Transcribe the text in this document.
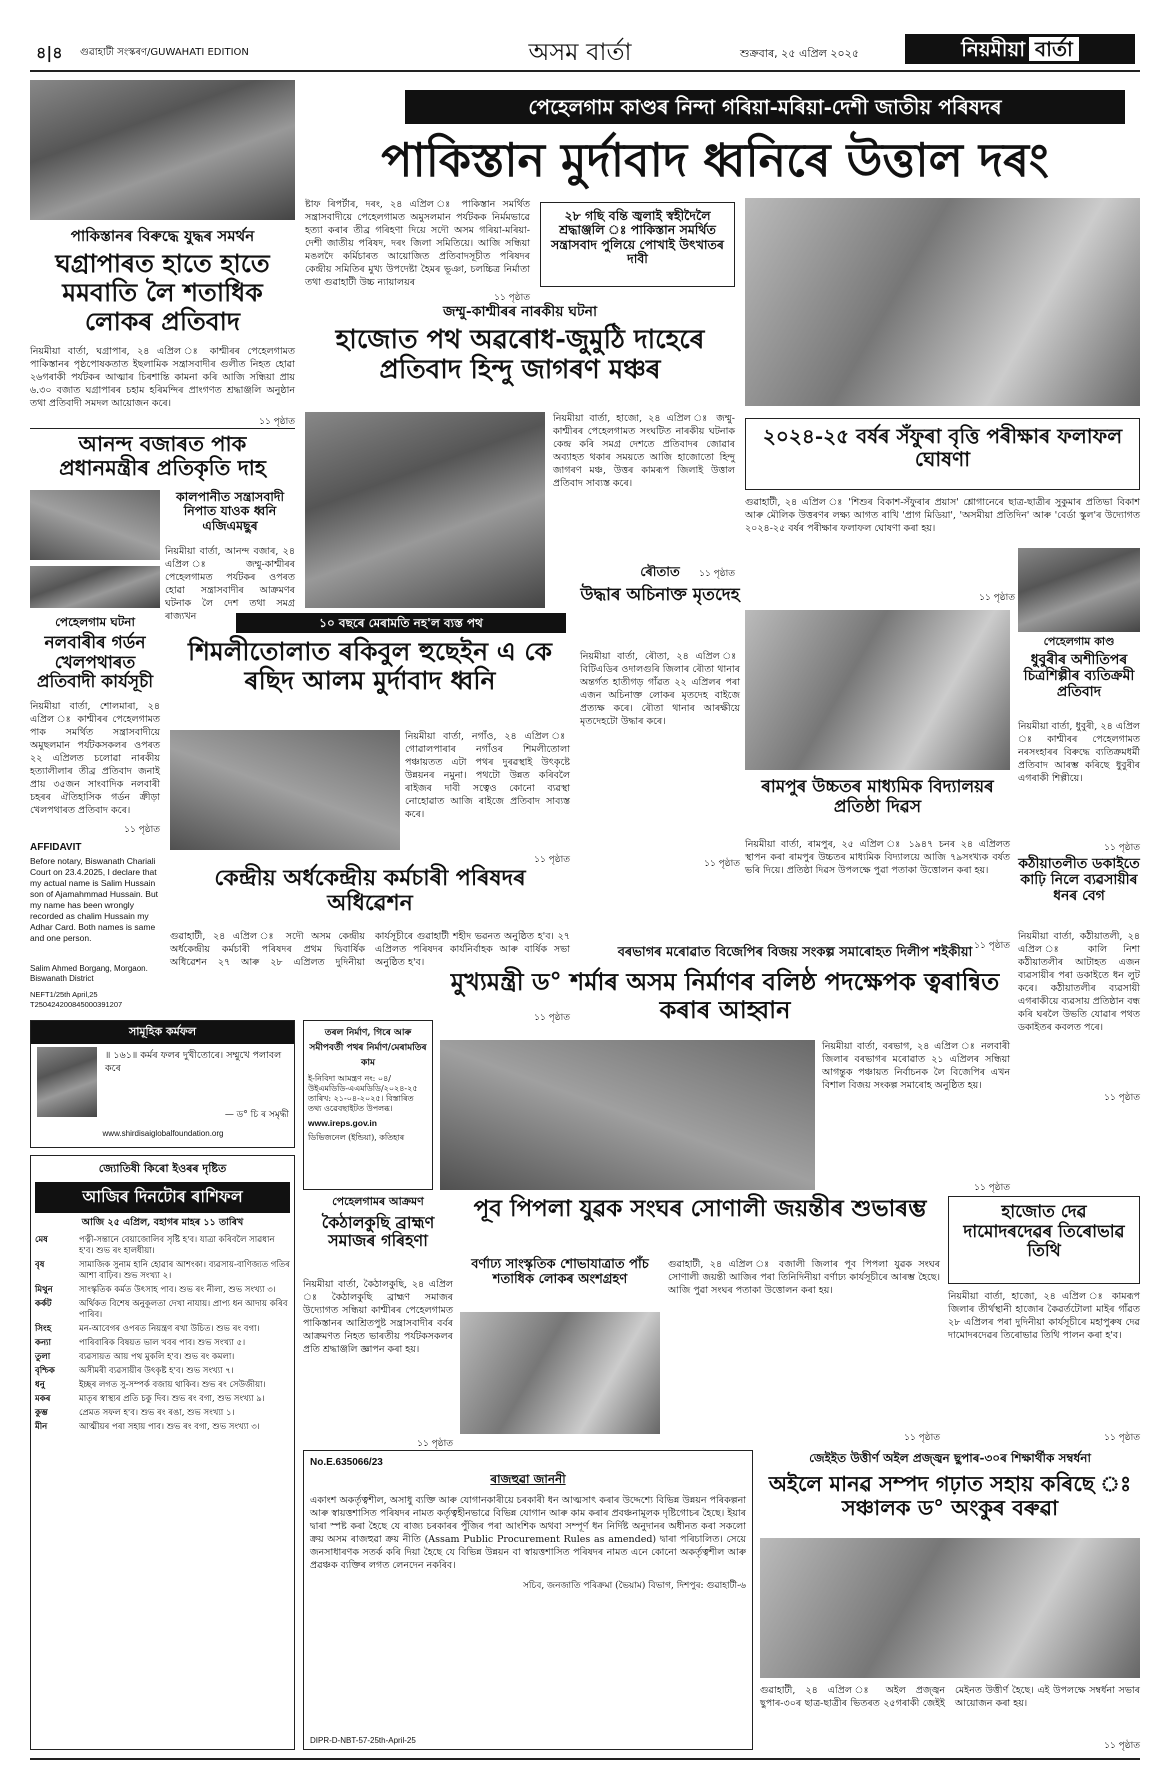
৪|৪ গুৱাহাটী সংস্কৰণ/GUWAHATI EDITION	অসম বাৰ্তা	শুক্ৰবাৰ, ২৫ এপ্ৰিল ২০২৫	নিয়মীয়া বাৰ্তা
পেহেলগাম কাণ্ডৰ নিন্দা গৰিয়া-মৰিয়া-দেশী জাতীয় পৰিষদৰ
পাকিস্তান মুৰ্দাবাদ ধ্বনিৰে উত্তাল দৰং
ষ্টাফ ৰিপৰ্টাৰ, দৰং, ২৪ এপ্ৰিল ঃ পাকিস্তান সমৰ্থিত সন্ত্ৰাসবাদীয়ে পেহেলগামত অমুসলমান পৰ্যটকক নিৰ্মমভাৱে হত্যা কৰাৰ তীব্ৰ গৰিহণা দিয়ে সদৌ অসম গৰিয়া-মৰিয়া-দেশী জাতীয় পৰিষদ, দৰং জিলা সমিতিয়ে। আজি সন্ধিয়া মঙলদৈ কৰ্মিচাৰত আয়োজিত প্ৰতিবাদসূচীত পৰিষদৰ কেন্দ্ৰীয় সমিতিৰ মুখ্য উপদেষ্টা হৈমৰ ভূঞা, চলচ্চিত্ৰ নিৰ্মাতা তথা গুৱাহাটী উচ্চ ন্যায়ালয়ৰ
১১ পৃষ্ঠাত
২৮ গছি বন্তি জ্বলাই স্বহীদৈলৈ শ্ৰদ্ধাঞ্জলি ঃ পাকিস্তান সমৰ্থিত সন্ত্ৰাসবাদ পুলিয়ে পোখাই উৎখাতৰ দাবী
পাকিস্তানৰ বিৰুদ্ধে যুদ্ধৰ সমৰ্থন
ঘগ্ৰাপাৰত হাতে হাতে মমবাতি লৈ শতাধিক লোকৰ প্ৰতিবাদ
নিয়মীয়া বাৰ্তা, ঘগ্ৰাপাৰ, ২৪ এপ্ৰিল ঃ কাশ্মীৰৰ পেহেলগামত পাকিস্তানৰ পৃষ্ঠপোষকতাত ইছলামিক সন্ত্ৰাসবাদীৰ গুলীত নিহত হোৱা ২৬গৰাকী পৰ্যটকৰ আত্মাৰ চিৰশান্তি কামনা কৰি আজি সন্ধিয়া প্ৰায় ৬.৩০ বজাত ঘগ্ৰাপাৰৰ চহাম হৰিমন্দিৰ প্ৰাংগণত শ্ৰদ্ধাঞ্জলি অনুষ্ঠান তথা প্ৰতিবাদী সমদল আয়োজন কৰে।
১১ পৃষ্ঠাত
আনন্দ বজাৰত পাক প্ৰধানমন্ত্ৰীৰ প্ৰতিকৃতি দাহ
কালপানীত সন্ত্ৰাসবাদী নিপাত যাওক ধ্বনি এজিএমছুৰ
নিয়মীয়া বাৰ্তা, আনন্দ বজাৰ, ২৪ এপ্ৰিল ঃ জম্মু-কাশ্মীৰৰ পেহেলগামত পৰ্যটকৰ ওপৰত হোৱা সন্ত্ৰাসবাদীৰ আক্ৰমণৰ ঘটনাক লৈ দেশ তথা সমগ্ৰ ৰাজ্যখন
পেহেলগাম ঘটনা
নলবাৰীৰ গৰ্ডন খেলপথাৰত প্ৰতিবাদী কাৰ্যসূচী
নিয়মীয়া বাৰ্তা, শোলমাৰা, ২৪ এপ্ৰিল ঃ কাশ্মীৰৰ পেহেলগামত পাক সমৰ্থিত সন্ত্ৰাসবাদীয়ে অমুছলমান পৰ্যটকসকলৰ ওপৰত ২২ এপ্ৰিলত চলোৱা নাৰকীয় হত্যালীলাৰ তীব্ৰ প্ৰতিবাদ জনাই প্ৰায় ৩৫জন সাংবাদিক নলবাৰী চহৰৰ ঐতিহাসিক গৰ্ডন ক্ৰীড়া খেলপথাৰত প্ৰতিবাদ কৰে।
১১ পৃষ্ঠাত
AFFIDAVIT
Before notary, Biswanath Chariali Court on 23.4.2025, I declare that my actual name is Salim Hussain son of Ajamahmmad Hussain. But my name has been wrongly recorded as chalim Hussain my Adhar Card. Both names is same and one person.
Salim Ahmed Borgang, Morgaon. Biswanath District
NEFT1/25th April,25 T25042420084500039​1207
জম্মু-কাশ্মীৰৰ নাৰকীয় ঘটনা
হাজোত পথ অৱৰোধ-জুমুঠি দাহেৰে প্ৰতিবাদ হিন্দু জাগৰণ মঞ্চৰ
নিয়মীয়া বাৰ্তা, হাজো, ২৪ এপ্ৰিল ঃ জম্মু-কাশ্মীৰৰ পেহেলগামত সংঘটিত নাৰকীয় ঘটনাক কেন্দ্ৰ কৰি সমগ্ৰ দেশতে প্ৰতিবাদৰ জোৱাৰ অব্যাহত থকাৰ সময়তে আজি হাজোতো হিন্দু জাগৰণ মঞ্চ, উত্তৰ কামৰূপ জিলাই উত্তাল প্ৰতিবাদ সাব্যস্ত কৰে।
১১ পৃষ্ঠাত
১০ বছৰে মেৰামতি নহ'ল ব্যস্ত পথ
শিমলীতোলাত ৰকিবুল হুছেইন এ কে ৰছিদ আলম মুৰ্দাবাদ ধ্বনি
নিয়মীয়া বাৰ্তা, নগাঁও, ২৪ এপ্ৰিল ঃ গোৱালপাৰাৰ নগাঁওৰ শিমলীতোলা পঞ্চায়তত এটা পথৰ দুৰৱস্থাই উৎকৃষ্টে উন্নয়নৰ নমুনা। পথটো উন্নত কৰিবলৈ ৰাইজৰ দাবী সত্বেও কোনো ব্যৱস্থা নোহোৱাত আজি ৰাইজে প্ৰতিবাদ সাব্যস্ত কৰে।
১১ পৃষ্ঠাত
কেন্দ্ৰীয় অৰ্ধকেন্দ্ৰীয় কৰ্মচাৰী পৰিষদৰ অধিৱেশন
গুৱাহাটী, ২৪ এপ্ৰিল ঃ সদৌ অসম কেন্দ্ৰীয় অৰ্ধকেন্দ্ৰীয় কৰ্মচাৰী পৰিষদৰ প্ৰথম দ্বিবাৰ্ষিক অধিৱেশন ২৭ আৰু ২৮ এপ্ৰিলত দুদিনীয়া কাৰ্যসূচীৰে গুৱাহাটী শহীদ ভৱনত অনুষ্ঠিত হ'ব। ২৭ এপ্ৰিলত পৰিষদৰ কাৰ্যনিৰ্বাহক আৰু বাৰ্ষিক সভা অনুষ্ঠিত হ'ব।
১১ পৃষ্ঠাত
ৰৌতাত
উদ্ধাৰ অচিনাক্ত মৃতদেহ
নিয়মীয়া বাৰ্তা, ৰৌতা, ২৪ এপ্ৰিল ঃ বিটিএডিৰ ওদালগুৰি জিলাৰ ৰৌতা থানাৰ অন্তৰ্গত হাতীগড় গাঁৱত ২২ এপ্ৰিলৰ পৰা এজন অচিনাক্ত লোকৰ মৃতদেহ বাইজে প্ৰত্যক্ষ কৰে। ৰৌতা থানাৰ আৰক্ষীয়ে মৃতদেহটো উদ্ধাৰ কৰে।
১১ পৃষ্ঠাত
২০২৪-২৫ বৰ্ষৰ সঁফুৰা বৃত্তি পৰীক্ষাৰ ফলাফল ঘোষণা
গুৱাহাটী, ২৪ এপ্ৰিল ঃ 'শিশুৰ বিকাশ-সঁফুৰাৰ প্ৰয়াস' শ্লোগানেৰে ছাত্ৰ-ছাত্ৰীৰ সুকুমাৰ প্ৰতিভা বিকাশ আৰু মৌলিক উত্তৰণৰ লক্ষ্য আগত ৰাখি 'প্ৰাগ মিডিয়া', 'অসমীয়া প্ৰতিদিন' আৰু 'বেৰ্ডা স্কুল'ৰ উদ্যোগত ২০২৪-২৫ বৰ্ষৰ পৰীক্ষাৰ ফলাফল ঘোষণা কৰা হয়।
১১ পৃষ্ঠাত
ৰামপুৰ উচ্চতৰ মাধ্যমিক বিদ্যালয়ৰ প্ৰতিষ্ঠা দিৱস
নিয়মীয়া বাৰ্তা, ৰামপুৰ, ২৫ এপ্ৰিল ঃ ১৯৪৭ চনৰ ২৪ এপ্ৰিলত স্থাপন কৰা ৰামপুৰ উচ্চতৰ মাধ্যমিক বিদ্যালয়ে আজি ৭৯সংখ্যক বৰ্ষত ভৰি দিয়ে। প্ৰতিষ্ঠা দিৱস উপলক্ষে পুৱা পতাকা উত্তোলন কৰা হয়।
১১ পৃষ্ঠাত
পেহেলগাম কাণ্ড
ধুবুৰীৰ অশীতিপৰ চিত্ৰশিল্পীৰ ব্যতিক্ৰমী প্ৰতিবাদ
নিয়মীয়া বাৰ্তা, ধুবুৰী, ২৪ এপ্ৰিল ঃ কাশ্মীৰৰ পেহেলগামত নৰসংহাৰৰ বিৰুদ্ধে ব্যতিক্ৰমধৰ্মী প্ৰতিবাদ আৰম্ভ কৰিছে ধুবুৰীৰ এগৰাকী শিল্পীয়ে।
১১ পৃষ্ঠাত
কঠীয়াতলীত ডকাইতে কাঢ়ি নিলে ব্যৱসায়ীৰ ধনৰ বেগ
নিয়মীয়া বাৰ্তা, কঠীয়াতলী, ২৪ এপ্ৰিল ঃ কালি নিশা কঠীয়াতলীৰ আটাহত এজন ব্যৱসায়ীৰ পৰা ডকাইতে ধন লুট কৰে। কঠীয়াতলীৰ ব্যৱসায়ী এগৰাকীয়ে ব্যৱসায় প্ৰতিষ্ঠান বন্ধ কৰি ঘৰলৈ উভতি যোৱাৰ পথত ডকাইতৰ কবলত পৰে।
১১ পৃষ্ঠাত
বৰভাগৰ মৰোৱাত বিজেপিৰ বিজয় সংকল্প সমাৰোহত দিলীপ শইকীয়া
মুখ্যমন্ত্ৰী ড° শৰ্মাৰ অসম নিৰ্মাণৰ বলিষ্ঠ পদক্ষেপক ত্বৰান্বিত কৰাৰ আহ্বান
নিয়মীয়া বাৰ্তা, বৰভাগ, ২৪ এপ্ৰিল ঃ নলবাৰী জিলাৰ বৰভাগৰ মৰোৱাত ২১ এপ্ৰিলৰ সন্ধিয়া আগন্তুক পঞ্চায়ত নিৰ্বাচনক লৈ বিজেপিৰ এখন বিশাল বিজয় সংকল্প সমাৰোহ অনুষ্ঠিত হয়।
১১ পৃষ্ঠাত
তৰল নিৰ্মাণ, গিৰে আৰু সমীপবৰ্তী পথৰ নিৰ্মাণ/মেৰামতিৰ কাম
ই-নিবিদা আমন্ত্ৰণ নং: ০৪/উইএমডিডি-এএমডিডি/২০২৪-২৫ তাৰিখ: ২১-০৪-২০২৫। বিস্তাৰিত তথ্য ওৱেবছাইটত উপলব্ধ।
www.ireps.gov.in
ডিভিজনেল (ইন্ডিয়া), কতিহাৰ
সামূহিক কৰ্মফল
॥ ১৬১॥ কৰ্মৰ ফলৰ দুখীতোৰে। সম্মুখে পলাবল কৰে
— ড° চি ৰ সমৃদ্ধী
www.shirdisaiglobalfoundation.org
জ্যোতিষী কিৰো ইওৰৰ দৃষ্টিত
আজিৰ দিনটোৰ ৰাশিফল
আজি ২৫ এপ্ৰিল, বহাগৰ মাহৰ ১১ তাৰিখ
মেষ	পত্নী-সন্তানে বেয়াজোলিব সৃষ্টি হ'ব। যাত্ৰা কৰিবলৈ সাৱধান হ'ব। শুভ ৰং হালধীয়া।
বৃষ	সামাজিক সুনাম হানি হোৱাৰ আশংকা। ব্যৱসায়-বাণিজ্যত গতিৰ আশা বাঢ়িব। শুভ সংখ্যা ২।
মিথুন	সাংস্কৃতিক কৰ্মত উৎসাহ পাব। শুভ ৰং নীলা, শুভ সংখ্যা ৩।
কৰ্কট	অৰ্থিকত বিশেষ অনুকূলতা দেখা নাযায়। প্ৰাপ্য ধন আদায় কৰিব পাৰিব।
সিংহ	মন-আবেগৰ ওপৰত নিয়ন্ত্ৰণ ৰখা উচিত। শুভ ৰং বগা।
কন্যা	পাৰিবাৰিক বিষয়ত ভাল খবৰ পাব। শুভ সংখ্যা ৫।
তুলা	ব্যৱসায়ত আয় পথ মুকলি হ'ব। শুভ ৰং কমলা।
বৃশ্চিক	অসীমৰী ব্যৱসায়ীৰ উৎকৃষ্ট হ'ব। শুভ সংখ্যা ৭।
ধনু	ইচ্ছৰ লগত সু-সম্পৰ্ক বজায় থাকিব। শুভ ৰং সেউজীয়া।
মকৰ	মাতৃৰ স্বাস্থ্যৰ প্ৰতি চকু দিব। শুভ ৰং বগা, শুভ সংখ্যা ৯।
কুম্ভ	প্ৰেমত সফল হ'ব। শুভ ৰং ৰঙা, শুভ সংখ্যা ১।
মীন	আত্মীয়ৰ পৰা সহায় পাব। শুভ ৰং বগা, শুভ সংখ্যা ৩।
পেহেলগামৰ আক্ৰমণ
কৈঠালকুছি ব্ৰাহ্মণ সমাজৰ গৰিহণা
নিয়মীয়া বাৰ্তা, কৈঠালকুছি, ২৪ এপ্ৰিল ঃ কৈঠালকুছি ব্ৰাহ্মণ সমাজৰ উদ্যোগত সন্ধিয়া কাশ্মীৰৰ পেহেলগামত পাকিস্তানৰ আশ্ৰিতপুষ্ট সন্ত্ৰাসবাদীৰ বৰ্বৰ আক্ৰমণত নিহত ভাৰতীয় পৰ্যটকসকলৰ প্ৰতি শ্ৰদ্ধাঞ্জলি জ্ঞাপন কৰা হয়।
১১ পৃষ্ঠাত
পূব পিপলা যুৱক সংঘৰ সোণালী জয়ন্তীৰ শুভাৰম্ভ
বৰ্ণাঢ্য সাংস্কৃতিক শোভাযাত্ৰাত পাঁচ শতাধিক লোকৰ অংশগ্ৰহণ
গুৱাহাটী, ২৪ এপ্ৰিল ঃ বজালী জিলাৰ পূব পিপলা যুৱক সংঘৰ সোণালী জয়ন্তী আজিৰ পৰা তিনিদিনীয়া বৰ্ণাঢ্য কাৰ্যসূচীৰে আৰম্ভ হৈছে। আজি পুৱা সংঘৰ পতাকা উত্তোলন কৰা হয়।
১১ পৃষ্ঠাত
হাজোত দেৱ দামোদৰদেৱৰ তিৰোভাৱ তিথি
নিয়মীয়া বাৰ্তা, হাজো, ২৪ এপ্ৰিল ঃ কামৰূপ জিলাৰ তীৰ্থস্থানী হাজোৰ কৈৱৰ্তটোলা মাইৰ গাঁৱত ২৮ এপ্ৰিলৰ পৰা দুদিনীয়া কাৰ্যসূচীৰে মহাপুৰুষ দেৱ দামোদৰদেৱৰ তিৰোভাৱ তিথি পালন কৰা হ'ব।
১১ পৃষ্ঠাত
No.E.635066/23
ৰাজহুৱা জাননী
একাংশ অকৰ্তৃত্বশীল, অসাধু ব্যক্তি আৰু যোগানকাৰীয়ে চৰকাৰী ধন আত্মসাৎ কৰাৰ উদ্দেশ্যে বিভিন্ন উন্নয়ন পৰিকল্পনা আৰু স্বায়ত্তশাসিত পৰিষদৰ নামত কৰ্তৃত্বহীনভাৱে বিভিন্ন যোগান আৰু কাম কৰাৰ প্ৰবঞ্চনামূলক দৃষ্টিগোচৰ হৈছে। ইয়াৰ দ্বাৰা স্পষ্ট কৰা হৈছে যে ৰাজ্য চৰকাৰৰ পুঁজিৰ পৰা আংশিক অথবা সম্পূৰ্ণ ধন নিৰ্দিষ্ট অনুদানৰ অধীনত কৰা সকলো ক্ৰয় অসম ৰাজহুৱা ক্ৰয় নীতি (Assam Public Procurement Rules as amended) দ্বাৰা পৰিচালিত। সেয়ে জনসাধাৰণক সতৰ্ক কৰি দিয়া হৈছে যে বিভিন্ন উন্নয়ন বা স্বায়ত্তশাসিত পৰিষদৰ নামত এনে কোনো অকৰ্তৃত্বশীল আৰু প্ৰৱঞ্চক ব্যক্তিৰ লগত লেনদেন নকৰিব।
সচিব, জনজাতি পৰিক্ৰমা (ভৈয়াম) বিভাগ, দিশপুৰ: গুৱাহাটী-৬
DIPR-D-NBT-57-25th-April-25
জেইইত উত্তীৰ্ণ অইল প্ৰজ্জ্বন ছুপাৰ-৩০ৰ শিক্ষাৰ্থীক সম্বৰ্ধনা
অইলে মানৱ সম্পদ গঢ়াত সহায় কৰিছে ঃ সঞ্চালক ড° অংকুৰ বৰুৱা
গুৱাহাটী, ২৪ এপ্ৰিল ঃ অইল প্ৰজ্জ্বন ছুপাৰ-৩০ৰ ছাত্ৰ-ছাত্ৰীৰ ভিতৰত ২৫গৰাকী জেইই মেইনত উত্তীৰ্ণ হৈছে। এই উপলক্ষে সম্বৰ্ধনা সভাৰ আয়োজন কৰা হয়।
১১ পৃষ্ঠাত
